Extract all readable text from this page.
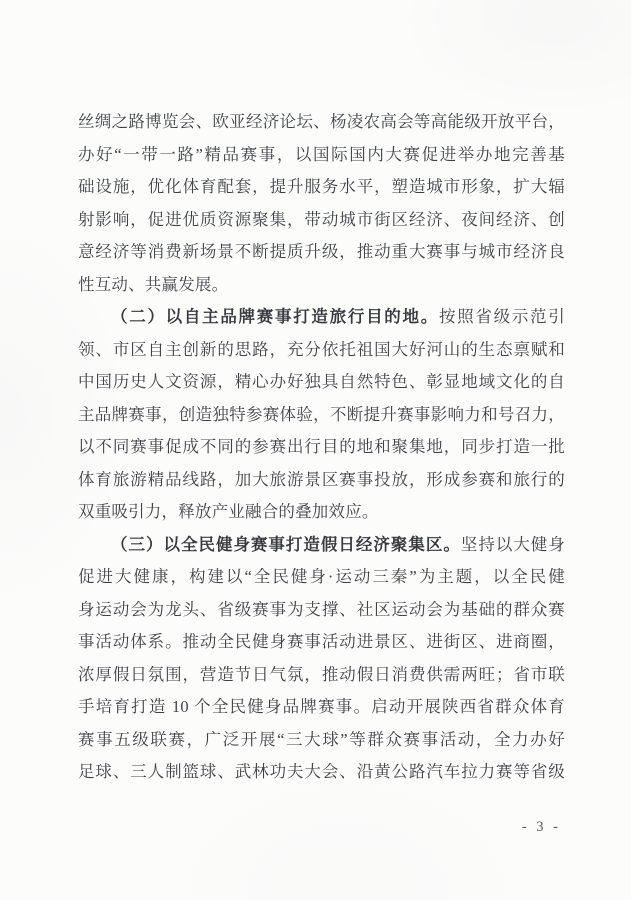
丝绸之路博览会、欧亚经济论坛、杨凌农高会等高能级开放平台，
办好“一带一路”精品赛事，以国际国内大赛促进举办地完善基
础设施，优化体育配套，提升服务水平，塑造城市形象，扩大辐
射影响，促进优质资源聚集，带动城市街区经济、夜间经济、创
意经济等消费新场景不断提质升级，推动重大赛事与城市经济良
性互动、共赢发展。
（二）以自主品牌赛事打造旅行目的地。按照省级示范引
领、市区自主创新的思路，充分依托祖国大好河山的生态禀赋和
中国历史人文资源，精心办好独具自然特色、彰显地域文化的自
主品牌赛事，创造独特参赛体验，不断提升赛事影响力和号召力，
以不同赛事促成不同的参赛出行目的地和聚集地，同步打造一批
体育旅游精品线路，加大旅游景区赛事投放，形成参赛和旅行的
双重吸引力，释放产业融合的叠加效应。
（三）以全民健身赛事打造假日经济聚集区。坚持以大健身
促进大健康，构建以“全民健身·运动三秦”为主题，以全民健
身运动会为龙头、省级赛事为支撑、社区运动会为基础的群众赛
事活动体系。推动全民健身赛事活动进景区、进街区、进商圈，
浓厚假日氛围，营造节日气氛，推动假日消费供需两旺；省市联
手培育打造 10 个全民健身品牌赛事。启动开展陕西省群众体育
赛事五级联赛，广泛开展“三大球”等群众赛事活动，全力办好
足球、三人制篮球、武林功夫大会、沿黄公路汽车拉力赛等省级
- 3 -
